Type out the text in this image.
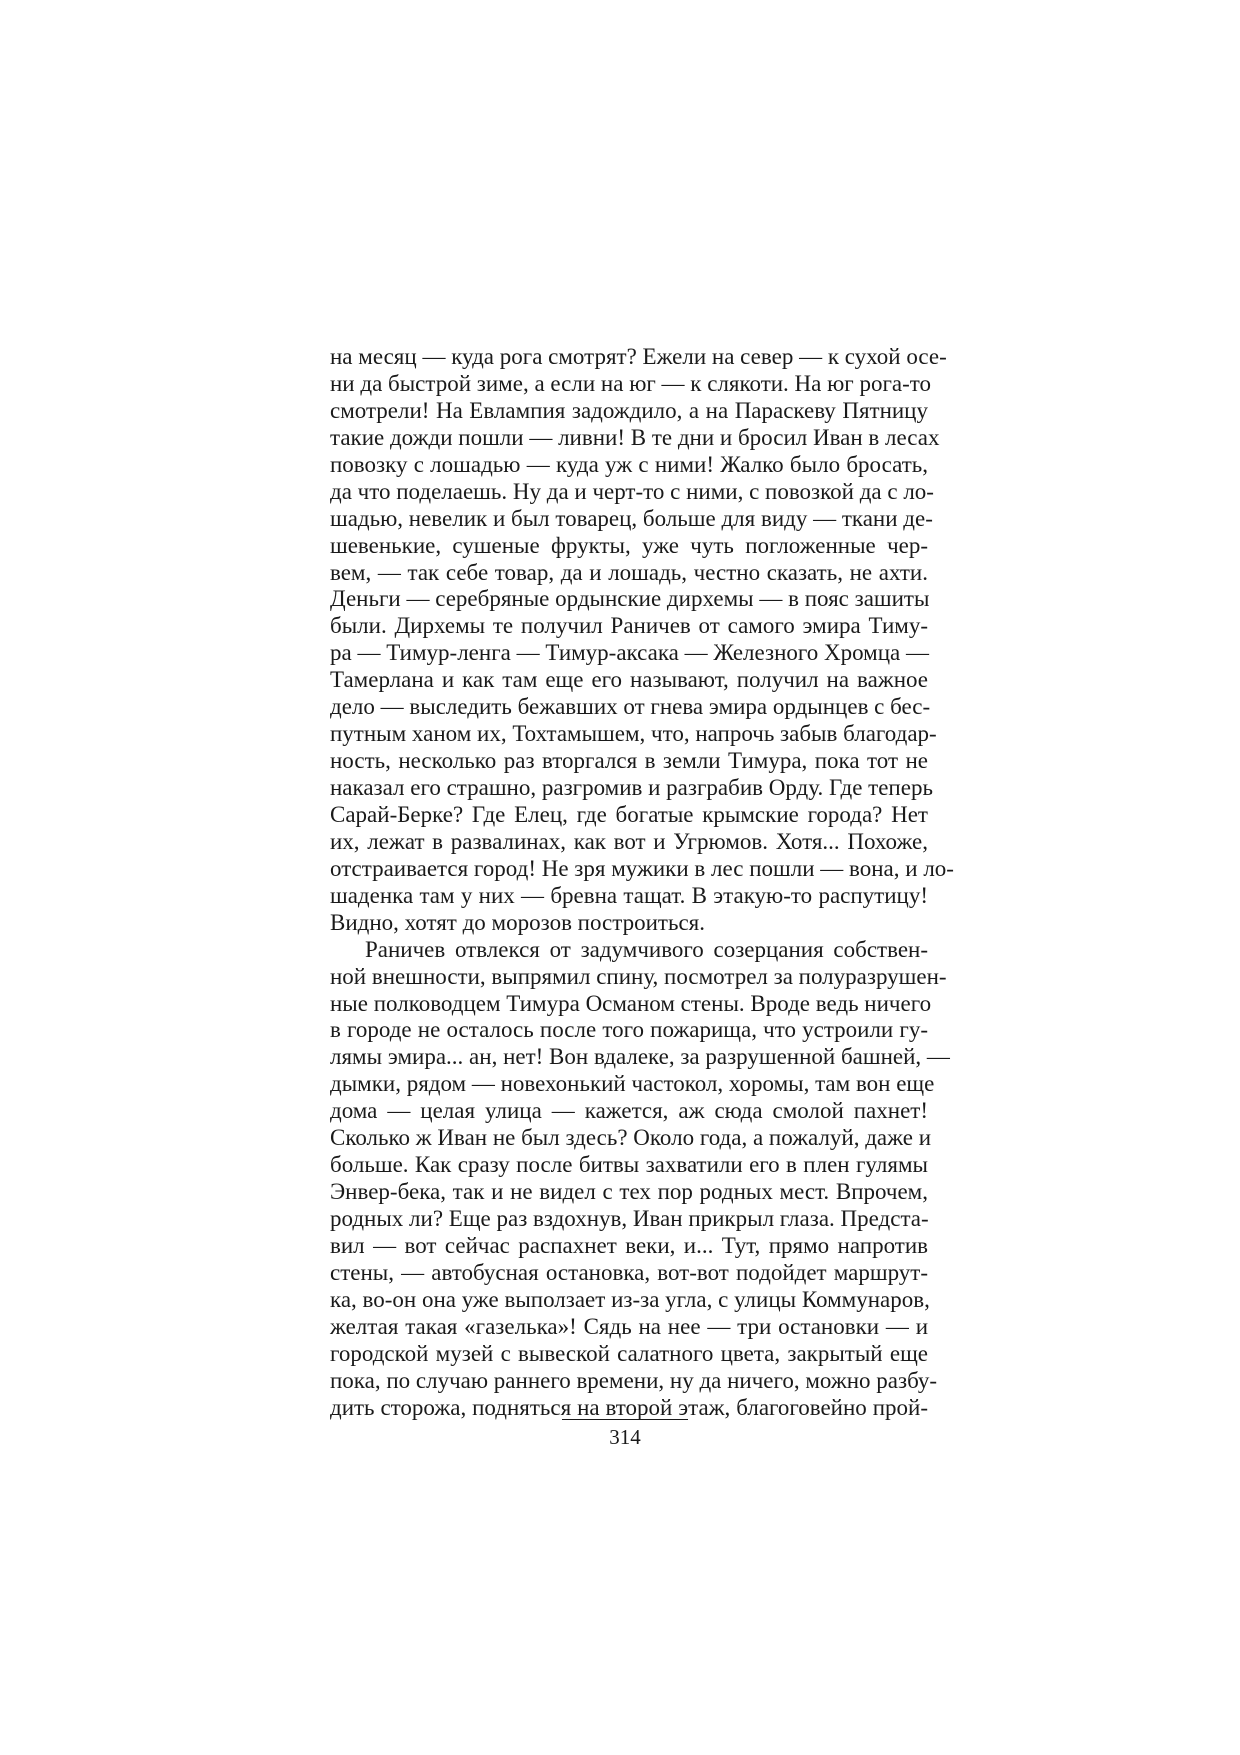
на месяц — куда рога смотрят? Ежели на север — к сухой осе-
ни да быстрой зиме, а если на юг — к слякоти. На юг рога-то
смотрели! На Евлампия задождило, а на Параскеву Пятницу
такие дожди пошли — ливни! В те дни и бросил Иван в лесах
повозку с лошадью — куда уж с ними! Жалко было бросать,
да что поделаешь. Ну да и черт-то с ними, с повозкой да с ло-
шадью, невелик и был товарец, больше для виду — ткани де-
шевенькие, сушеные фрукты, уже чуть погложенные чер-
вем, — так себе товар, да и лошадь, честно сказать, не ахти.
Деньги — серебряные ордынские дирхемы — в пояс зашиты
были. Дирхемы те получил Раничев от самого эмира Тиму-
ра — Тимур-ленга — Тимур-аксака — Железного Хромца —
Тамерлана и как там еще его называют, получил на важное
дело — выследить бежавших от гнева эмира ордынцев с бес-
путным ханом их, Тохтамышем, что, напрочь забыв благодар-
ность, несколько раз вторгался в земли Тимура, пока тот не
наказал его страшно, разгромив и разграбив Орду. Где теперь
Сарай-Берке? Где Елец, где богатые крымские города? Нет
их, лежат в развалинах, как вот и Угрюмов. Хотя... Похоже,
отстраивается город! Не зря мужики в лес пошли — вона, и ло-
шаденка там у них — бревна тащат. В этакую-то распутицу!
Видно, хотят до морозов построиться.
Раничев отвлекся от задумчивого созерцания собствен-
ной внешности, выпрямил спину, посмотрел за полуразрушен-
ные полководцем Тимура Османом стены. Вроде ведь ничего
в городе не осталось после того пожарища, что устроили гу-
лямы эмира... ан, нет! Вон вдалеке, за разрушенной башней, —
дымки, рядом — новехонький частокол, хоромы, там вон еще
дома — целая улица — кажется, аж сюда смолой пахнет!
Сколько ж Иван не был здесь? Около года, а пожалуй, даже и
больше. Как сразу после битвы захватили его в плен гулямы
Энвер-бека, так и не видел с тех пор родных мест. Впрочем,
родных ли? Еще раз вздохнув, Иван прикрыл глаза. Предста-
вил — вот сейчас распахнет веки, и... Тут, прямо напротив
стены, — автобусная остановка, вот-вот подойдет маршрут-
ка, во-он она уже выползает из-за угла, с улицы Коммунаров,
желтая такая «газелька»! Сядь на нее — три остановки — и
городской музей с вывеской салатного цвета, закрытый еще
пока, по случаю раннего времени, ну да ничего, можно разбу-
дить сторожа, подняться на второй этаж, благоговейно прой-
314
